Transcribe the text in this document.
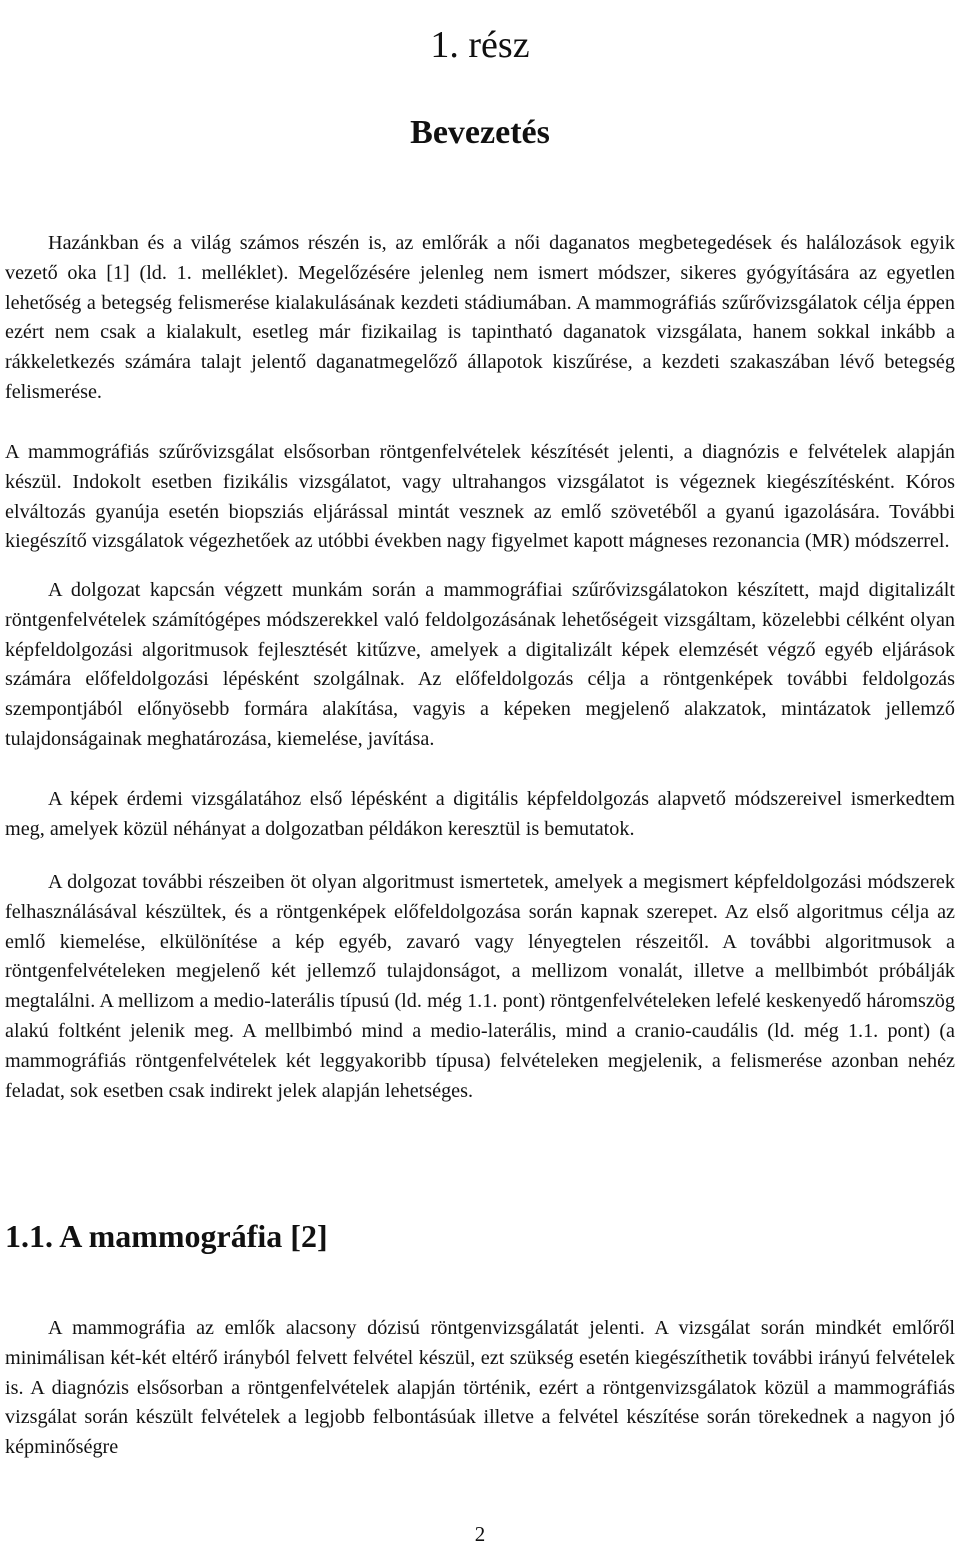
1. rész
Bevezetés

Hazánkban és a világ számos részén is, az emlőrák a női daganatos megbetegedések és halálozások egyik vezető oka [1] (ld. 1. melléklet). Megelőzésére jelenleg nem ismert módszer, sikeres gyógyítására az egyetlen lehetőség a betegség felismerése kialakulásának kezdeti stádiumában. A mammográfiás szűrővizsgálatok célja éppen ezért nem csak a kialakult, esetleg már fizikailag is tapintható daganatok vizsgálata, hanem sokkal inkább a rákkeletkezés számára talajt jelentő daganatmegelőző állapotok kiszűrése, a kezdeti szakaszában lévő betegség felismerése.

A mammográfiás szűrővizsgálat elsősorban röntgenfelvételek készítését jelenti, a diagnózis e felvételek alapján készül. Indokolt esetben fizikális vizsgálatot, vagy ultrahangos vizsgálatot is végeznek kiegészítésként. Kóros elváltozás gyanúja esetén biopsziás eljárással mintát vesznek az emlő szövetéből a gyanú igazolására. További kiegészítő vizsgálatok végezhetőek az utóbbi években nagy figyelmet kapott mágneses rezonancia (MR) módszerrel.

A dolgozat kapcsán végzett munkám során a mammográfiai szűrővizsgálatokon készített, majd digitalizált röntgenfelvételek számítógépes módszerekkel való feldolgozásának lehetőségeit vizsgáltam, közelebbi célként olyan képfeldolgozási algoritmusok fejlesztését kitűzve, amelyek a digitalizált képek elemzését végző egyéb eljárások számára előfeldolgozási lépésként szolgálnak. Az előfeldolgozás célja a röntgenképek további feldolgozás szempontjából előnyösebb formára alakítása, vagyis a képeken megjelenő alakzatok, mintázatok jellemző tulajdonságainak meghatározása, kiemelése, javítása.

A képek érdemi vizsgálatához első lépésként a digitális képfeldolgozás alapvető módszereivel ismerkedtem meg, amelyek közül néhányat a dolgozatban példákon keresztül is bemutatok.

A dolgozat további részeiben öt olyan algoritmust ismertetek, amelyek a megismert képfeldolgozási módszerek felhasználásával készültek, és a röntgenképek előfeldolgozása során kapnak szerepet. Az első algoritmus célja az emlő kiemelése, elkülönítése a kép egyéb, zavaró vagy lényegtelen részeitől. A további algoritmusok a röntgenfelvételeken megjelenő két jellemző tulajdonságot, a mellizom vonalát, illetve a mellbimbót próbálják megtalálni. A mellizom a medio-laterális típusú (ld. még 1.1. pont) röntgenfelvételeken lefelé keskenyedő háromszög alakú foltként jelenik meg. A mellbimbó mind a medio-laterális, mind a cranio-caudális (ld. még 1.1. pont) (a mammográfiás röntgenfelvételek két leggyakoribb típusa) felvételeken megjelenik, a felismerése azonban nehéz feladat, sok esetben csak indirekt jelek alapján lehetséges.

1.1. A mammográfia [2]

A mammográfia az emlők alacsony dózisú röntgenvizsgálatát jelenti. A vizsgálat során mindkét emlőről minimálisan két-két eltérő irányból felvett felvétel készül, ezt szükség esetén kiegészíthetik további irányú felvételek is. A diagnózis elsősorban a röntgenfelvételek alapján történik, ezért a röntgenvizsgálatok közül a mammográfiás vizsgálat során készült felvételek a legjobb felbontásúak illetve a felvétel készítése során törekednek a nagyon jó képminőségre

2
